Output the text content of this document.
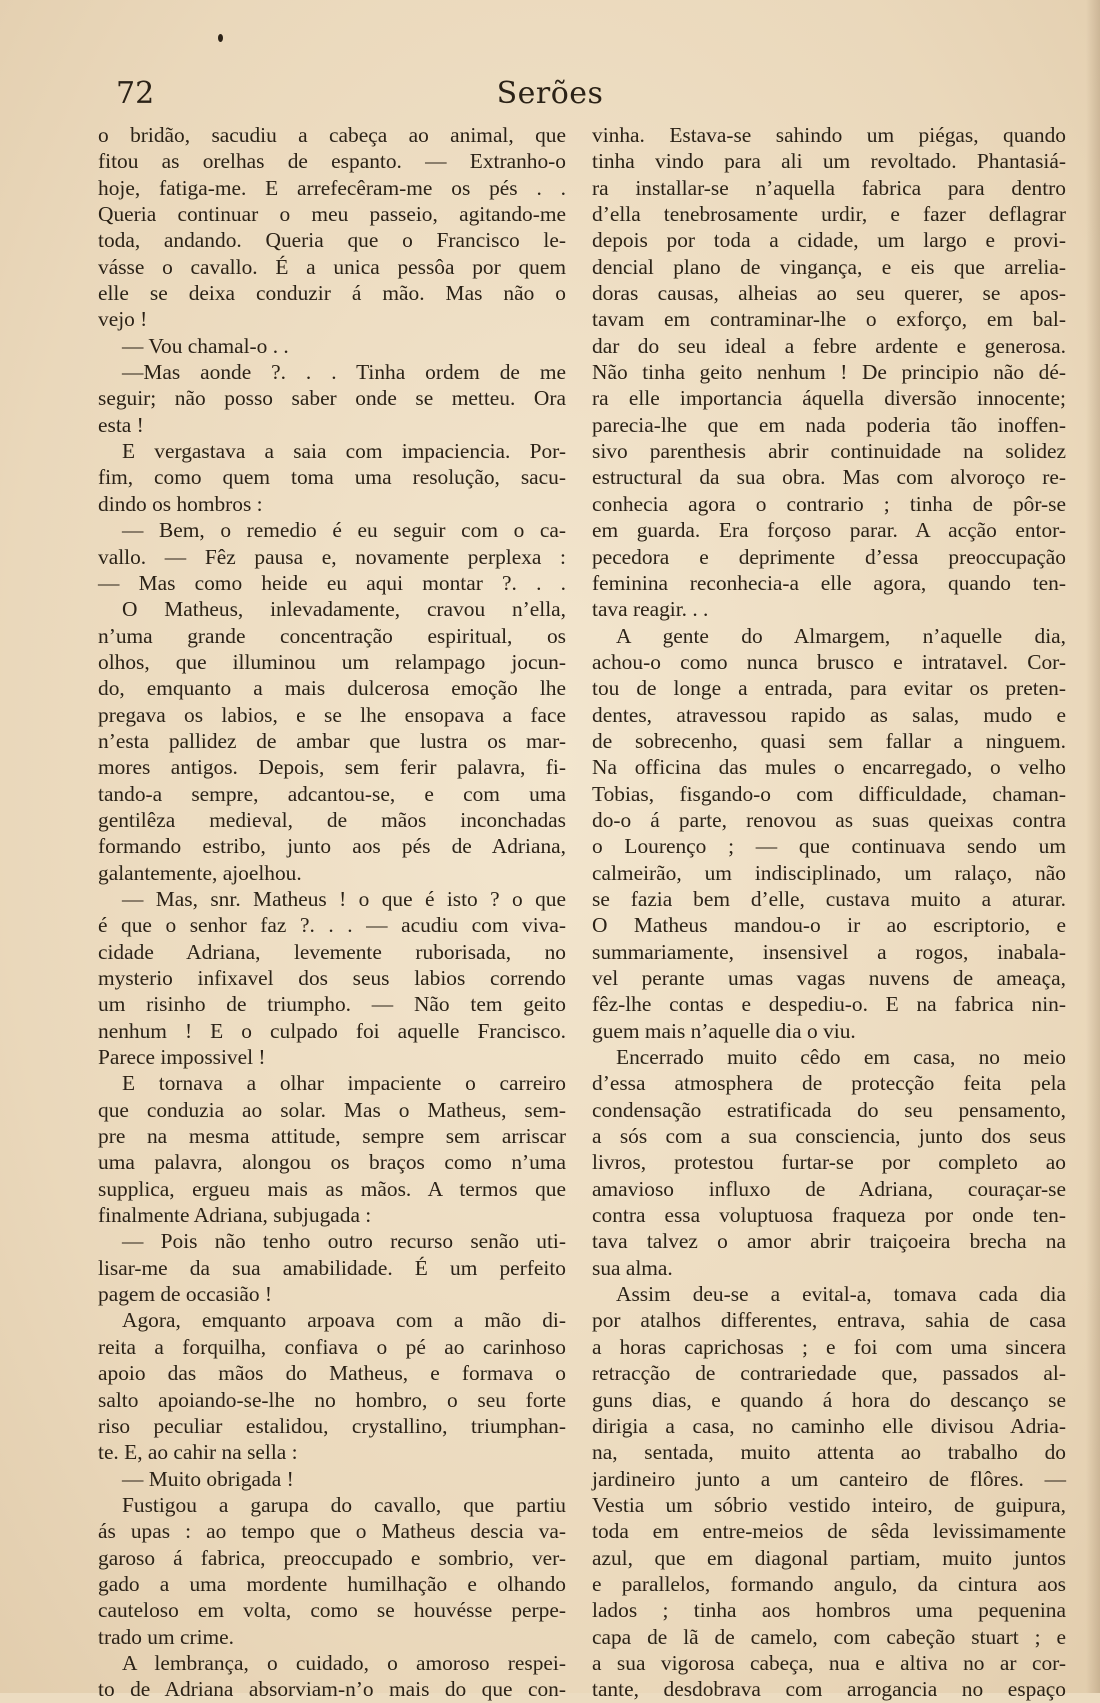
Serões
72
o bridão, sacudiu a cabeça ao animal, que
fitou as orelhas de espanto. — Extranho-o
hoje, fatiga-me. E arrefecêram-me os pés . .
Queria continuar o meu passeio, agitando-me
toda, andando. Queria que o Francisco le-
vásse o cavallo. É a unica pessôa por quem
elle se deixa conduzir á mão. Mas não o
vejo !
— Vou chamal-o . .
—Mas aonde ?. . . Tinha ordem de me
seguir; não posso saber onde se metteu. Ora
esta !
E vergastava a saia com impaciencia. Por-
fim, como quem toma uma resolução, sacu-
dindo os hombros :
— Bem, o remedio é eu seguir com o ca-
vallo. — Fêz pausa e, novamente perplexa :
— Mas como heide eu aqui montar ?. . .
O Matheus, inlevadamente, cravou n’ella,
n’uma grande concentração espiritual, os
olhos, que illuminou um relampago jocun-
do, emquanto a mais dulcerosa emoção lhe
pregava os labios, e se lhe ensopava a face
n’esta pallidez de ambar que lustra os mar-
mores antigos. Depois, sem ferir palavra, fi-
tando-a sempre, adcantou-se, e com uma
gentilêza medieval, de mãos inconchadas
formando estribo, junto aos pés de Adriana,
galantemente, ajoelhou.
— Mas, snr. Matheus ! o que é isto ? o que
é que o senhor faz ?. . . — acudiu com viva-
cidade Adriana, levemente ruborisada, no
mysterio infixavel dos seus labios correndo
um risinho de triumpho. — Não tem geito
nenhum ! E o culpado foi aquelle Francisco.
Parece impossivel !
E tornava a olhar impaciente o carreiro
que conduzia ao solar. Mas o Matheus, sem-
pre na mesma attitude, sempre sem arriscar
uma palavra, alongou os braços como n’uma
supplica, ergueu mais as mãos. A termos que
finalmente Adriana, subjugada :
— Pois não tenho outro recurso senão uti-
lisar-me da sua amabilidade. É um perfeito
pagem de occasião !
Agora, emquanto arpoava com a mão di-
reita a forquilha, confiava o pé ao carinhoso
apoio das mãos do Matheus, e formava o
salto apoiando-se-lhe no hombro, o seu forte
riso peculiar estalidou, crystallino, triumphan-
te. E, ao cahir na sella :
— Muito obrigada !
Fustigou a garupa do cavallo, que partiu
ás upas : ao tempo que o Matheus descia va-
garoso á fabrica, preoccupado e sombrio, ver-
gado a uma mordente humilhação e olhando
cauteloso em volta, como se houvésse perpe-
trado um crime.
A lembrança, o cuidado, o amoroso respei-
to de Adriana absorviam-n’o mais do que con-
vinha. Estava-se sahindo um piégas, quando
tinha vindo para ali um revoltado. Phantasiá-
ra installar-se n’aquella fabrica para dentro
d’ella tenebrosamente urdir, e fazer deflagrar
depois por toda a cidade, um largo e provi-
dencial plano de vingança, e eis que arrelia-
doras causas, alheias ao seu querer, se apos-
tavam em contraminar-lhe o exforço, em bal-
dar do seu ideal a febre ardente e generosa.
Não tinha geito nenhum ! De principio não dé-
ra elle importancia áquella diversão innocente;
parecia-lhe que em nada poderia tão inoffen-
sivo parenthesis abrir continuidade na solidez
estructural da sua obra. Mas com alvoroço re-
conhecia agora o contrario ; tinha de pôr-se
em guarda. Era forçoso parar. A acção entor-
pecedora e deprimente d’essa preoccupação
feminina reconhecia-a elle agora, quando ten-
tava reagir. . .
A gente do Almargem, n’aquelle dia,
achou-o como nunca brusco e intratavel. Cor-
tou de longe a entrada, para evitar os preten-
dentes, atravessou rapido as salas, mudo e
de sobrecenho, quasi sem fallar a ninguem.
Na officina das mules o encarregado, o velho
Tobias, fisgando-o com difficuldade, chaman-
do-o á parte, renovou as suas queixas contra
o Lourenço ; — que continuava sendo um
calmeirão, um indisciplinado, um ralaço, não
se fazia bem d’elle, custava muito a aturar.
O Matheus mandou-o ir ao escriptorio, e
summariamente, insensivel a rogos, inabala-
vel perante umas vagas nuvens de ameaça,
fêz-lhe contas e despediu-o. E na fabrica nin-
guem mais n’aquelle dia o viu.
Encerrado muito cêdo em casa, no meio
d’essa atmosphera de protecção feita pela
condensação estratificada do seu pensamento,
a sós com a sua consciencia, junto dos seus
livros, protestou furtar-se por completo ao
amavioso influxo de Adriana, couraçar-se
contra essa voluptuosa fraqueza por onde ten-
tava talvez o amor abrir traiçoeira brecha na
sua alma.
Assim deu-se a evital-a, tomava cada dia
por atalhos differentes, entrava, sahia de casa
a horas caprichosas ; e foi com uma sincera
retracção de contrariedade que, passados al-
guns dias, e quando á hora do descanço se
dirigia a casa, no caminho elle divisou Adria-
na, sentada, muito attenta ao trabalho do
jardineiro junto a um canteiro de flôres. —
Vestia um sóbrio vestido inteiro, de guipura,
toda em entre-meios de sêda levissimamente
azul, que em diagonal partiam, muito juntos
e parallelos, formando angulo, da cintura aos
lados ; tinha aos hombros uma pequenina
capa de lã de camelo, com cabeção stuart ; e
a sua vigorosa cabeça, nua e altiva no ar cor-
tante, desdobrava com arrogancia no espaço
